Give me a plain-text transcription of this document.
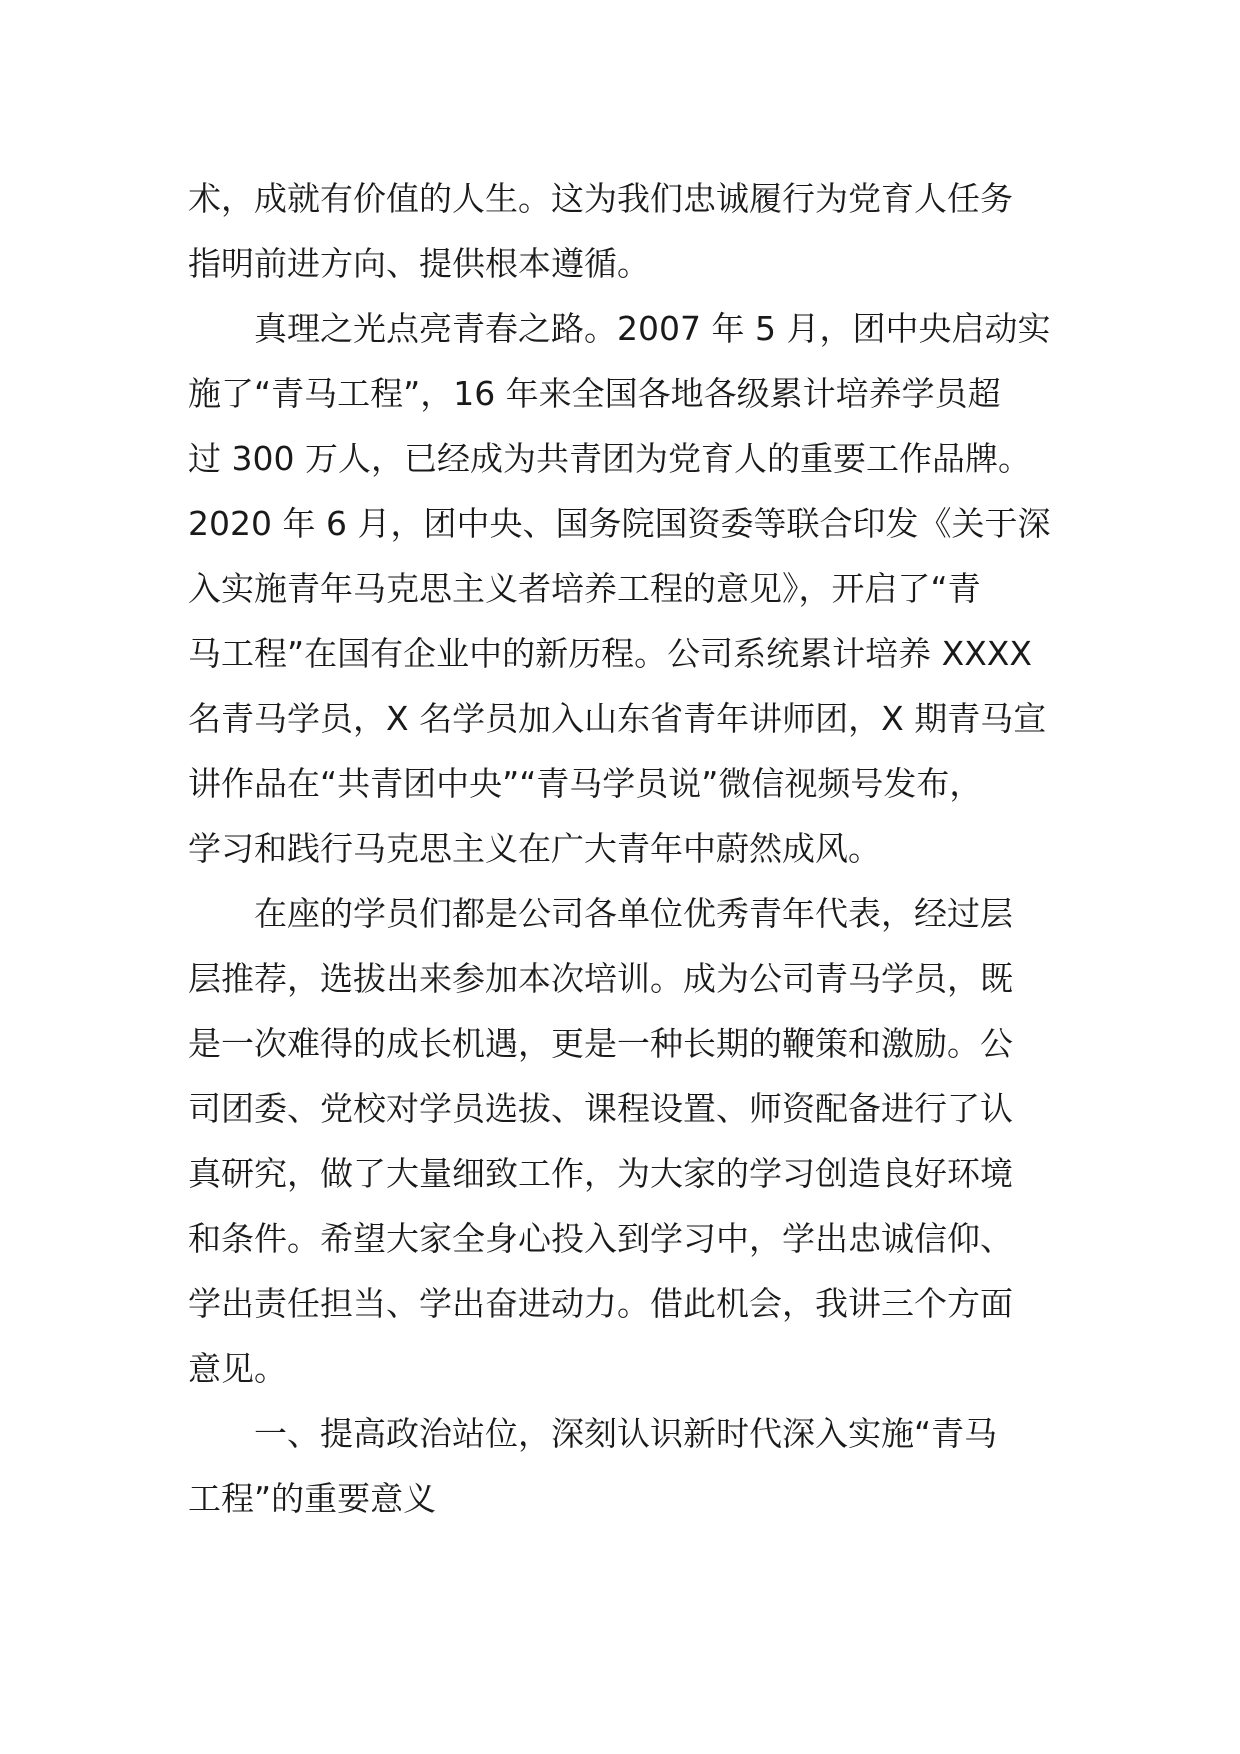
术，成就有价值的人生。这为我们忠诚履行为党育人任务
指明前进方向、提供根本遵循。
真理之光点亮青春之路。2007 年 5 月，团中央启动实
施了“青马工程”，16 年来全国各地各级累计培养学员超
过 300 万人，已经成为共青团为党育人的重要工作品牌。
2020 年 6 月，团中央、国务院国资委等联合印发《关于深
入实施青年马克思主义者培养工程的意见》，开启了“青
马工程”在国有企业中的新历程。公司系统累计培养 XXXX
名青马学员，X 名学员加入山东省青年讲师团，X 期青马宣
讲作品在“共青团中央”“青马学员说”微信视频号发布，
学习和践行马克思主义在广大青年中蔚然成风。
在座的学员们都是公司各单位优秀青年代表，经过层
层推荐，选拔出来参加本次培训。成为公司青马学员，既
是一次难得的成长机遇，更是一种长期的鞭策和激励。公
司团委、党校对学员选拔、课程设置、师资配备进行了认
真研究，做了大量细致工作，为大家的学习创造良好环境
和条件。希望大家全身心投入到学习中，学出忠诚信仰、
学出责任担当、学出奋进动力。借此机会，我讲三个方面
意见。
一、提高政治站位，深刻认识新时代深入实施“青马
工程”的重要意义
